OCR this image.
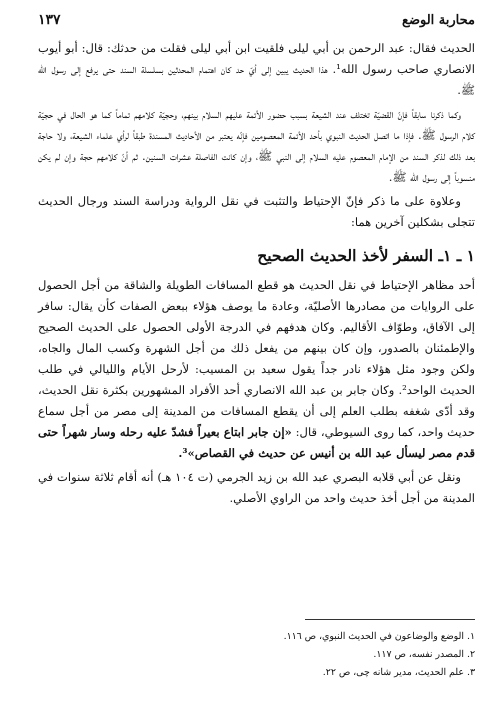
محاربة الوضع
١٣٧

الحديث فقال: عبد الرحمن بن أبي ليلى فلقيت ابن أبي ليلى فقلت من حدثك: قال: أبو أيوب الانصاري صاحب رسول الله¹. هذا الحديث يبين إلى أيّ حد كان اهتمام المحدثين بسلسلة السند حتى يرفع إلى رسول الله ﷺ.

وكما ذكرنا سابقاً فإنّ القضيّة تختلف عند الشيعة بسبب حضور الأئمة عليهم السلام بينهم، وحجيّة كلامهم تماماً كما هو الحال في حجيّة كلام الرسول ﷺ. فإذا ما اتصل الحديث النبوي بأحد الأئمة المعصومين فإنّه يعتبر من الأحاديث المسندة طبقاً لرأي علماء الشيعة، ولا حاجة بعد ذلك لذكر السند من الإمام المعصوم عليه السلام إلى النبي ﷺ، وإن كانت الفاصلة عشرات السنين. ثم أنّ كلامهم حجة وإن لم يكن منسوباً إلى رسول الله ﷺ.

وعلاوة على ما ذكر فإنّ الإحتياط والتثبت في نقل الرواية ودراسة السند ورجال الحديث تتجلى بشكلين آخرين هما:

١ ـ ١ـ السفر لأخذ الحديث الصحيح

أحد مظاهر الإحتياط في نقل الحديث هو قطع المسافات الطويلة والشاقة من أجل الحصول على الروايات من مصادرها الأصليّة، وعادة ما يوصف هؤلاء ببعض الصفات كأن يقال: سافر إلى الآفاق، وطوّاف الأقاليم. وكان هدفهم في الدرجة الأولى الحصول على الحديث الصحيح والإطمئنان بالصدور، وإن كان بينهم من يفعل ذلك من أجل الشهرة وكسب المال والجاه، ولكن وجود مثل هؤلاء نادر جداً يقول سعيد بن المسيب: لأرحل الأيام والليالي في طلب الحديث الواحد². وكان جابر بن عبد الله الانصاري أحد الأفراد المشهورين بكثرة نقل الحديث، وقد أدّى شغفه بطلب العلم إلى أن يقطع المسافات من المدينة إلى مصر من أجل سماع حديث واحد، كما روى السيوطي، قال: «إن جابر ابتاع بعيراً فشدّ عليه رحله وسار شهراً حتى قدم مصر ليسأل عبد الله بن أنيس عن حديث في القصاص»³.

ونقل عن أبي قلابه البصري عبد الله بن زيد الجرمي (ت ١٠٤ هـ) أنه أقام ثلاثة سنوات في المدينة من أجل أخذ حديث واحد من الراوي الأصلي.

١. الوضع والوضاعون في الحديث النبوي، ص ١١٦.
٢. المصدر نفسه، ص ١١٧.
٣. علم الحديث، مدير شانه چى، ص ٢٢.
